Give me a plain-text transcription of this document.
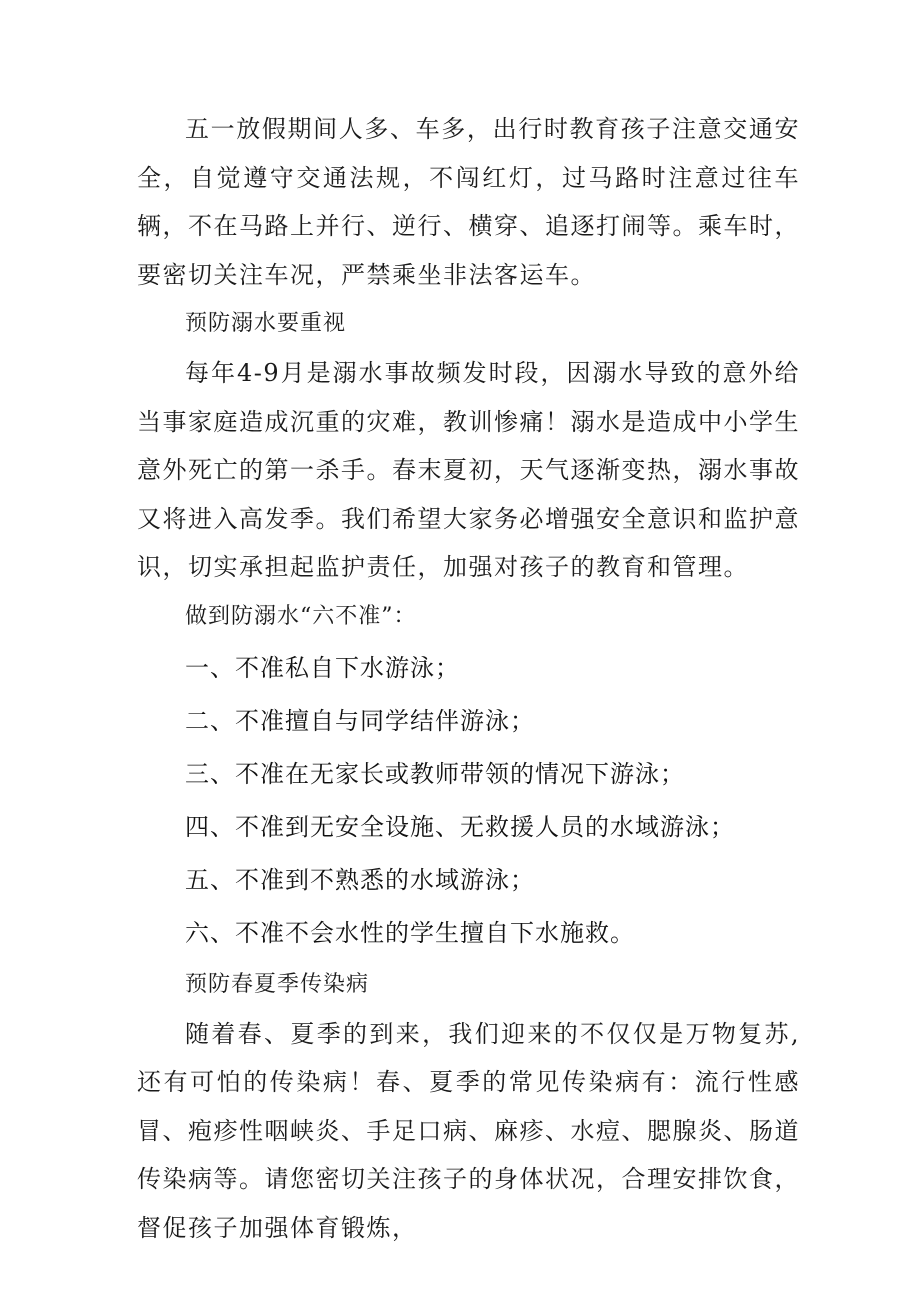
五一放假期间人多、车多，出行时教育孩子注意交通安全，自觉遵守交通法规，不闯红灯，过马路时注意过往车辆，不在马路上并行、逆行、横穿、追逐打闹等。乘车时，要密切关注车况，严禁乘坐非法客运车。

预防溺水要重视

每年4-9月是溺水事故频发时段，因溺水导致的意外给当事家庭造成沉重的灾难，教训惨痛！溺水是造成中小学生意外死亡的第一杀手。春末夏初，天气逐渐变热，溺水事故又将进入高发季。我们希望大家务必增强安全意识和监护意识，切实承担起监护责任，加强对孩子的教育和管理。

做到防溺水“六不准”：

一、不准私自下水游泳；
二、不准擅自与同学结伴游泳；
三、不准在无家长或教师带领的情况下游泳；
四、不准到无安全设施、无救援人员的水域游泳；
五、不准到不熟悉的水域游泳；
六、不准不会水性的学生擅自下水施救。

预防春夏季传染病

随着春、夏季的到来，我们迎来的不仅仅是万物复苏,还有可怕的传染病！春、夏季的常见传染病有：流行性感冒、疱疹性咽峡炎、手足口病、麻疹、水痘、腮腺炎、肠道传染病等。请您密切关注孩子的身体状况，合理安排饮食，督促孩子加强体育锻炼，
